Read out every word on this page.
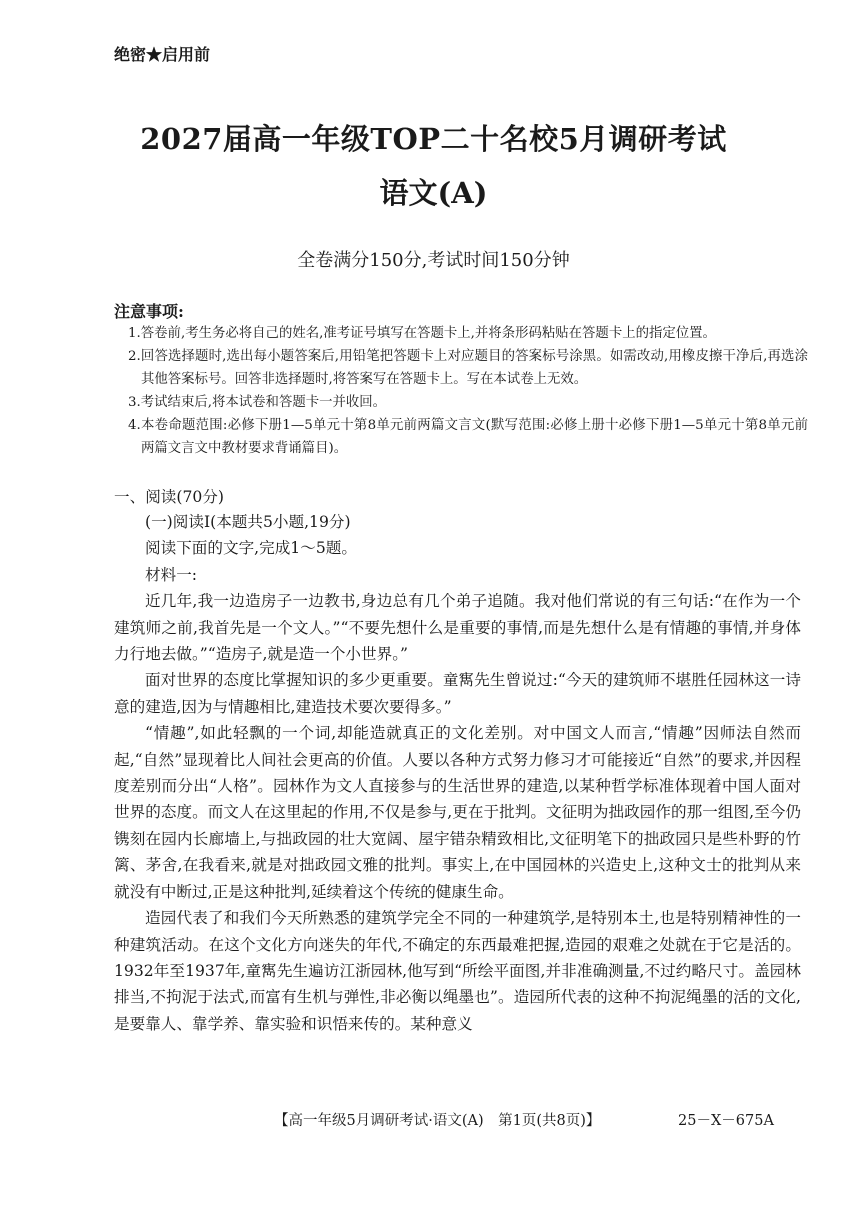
绝密★启用前
2027届高一年级TOP二十名校5月调研考试
语文(A)
全卷满分150分,考试时间150分钟
注意事项:
1.答卷前,考生务必将自己的姓名,准考证号填写在答题卡上,并将条形码粘贴在答题卡上的指定位置。
2.回答选择题时,选出每小题答案后,用铅笔把答题卡上对应题目的答案标号涂黑。如需改动,用橡皮擦干净后,再选涂其他答案标号。回答非选择题时,将答案写在答题卡上。写在本试卷上无效。
3.考试结束后,将本试卷和答题卡一并收回。
4.本卷命题范围:必修下册1—5单元十第8单元前两篇文言文(默写范围:必修上册十必修下册1—5单元十第8单元前两篇文言文中教材要求背诵篇目)。
一、阅读(70分)

(一)阅读Ⅰ(本题共5小题,19分)

阅读下面的文字,完成1～5题。

材料一:

近几年,我一边造房子一边教书,身边总有几个弟子追随。我对他们常说的有三句话:“在作为一个建筑师之前,我首先是一个文人。”“不要先想什么是重要的事情,而是先想什么是有情趣的事情,并身体力行地去做。”“造房子,就是造一个小世界。”

面对世界的态度比掌握知识的多少更重要。童寯先生曾说过:“今天的建筑师不堪胜任园林这一诗意的建造,因为与情趣相比,建造技术要次要得多。”

“情趣”,如此轻飘的一个词,却能造就真正的文化差别。对中国文人而言,“情趣”因师法自然而起,“自然”显现着比人间社会更高的价值。人要以各种方式努力修习才可能接近“自然”的要求,并因程度差别而分出“人格”。园林作为文人直接参与的生活世界的建造,以某种哲学标准体现着中国人面对世界的态度。而文人在这里起的作用,不仅是参与,更在于批判。文征明为拙政园作的那一组图,至今仍镌刻在园内长廊墙上,与拙政园的壮大宽阔、屋宇错杂精致相比,文征明笔下的拙政园只是些朴野的竹篱、茅舍,在我看来,就是对拙政园文雅的批判。事实上,在中国园林的兴造史上,这种文士的批判从来就没有中断过,正是这种批判,延续着这个传统的健康生命。

造园代表了和我们今天所熟悉的建筑学完全不同的一种建筑学,是特别本土,也是特别精神性的一种建筑活动。在这个文化方向迷失的年代,不确定的东西最难把握,造园的艰难之处就在于它是活的。1932年至1937年,童寯先生遍访江浙园林,他写到“所绘平面图,并非准确测量,不过约略尺寸。盖园林排当,不拘泥于法式,而富有生机与弹性,非必衡以绳墨也”。造园所代表的这种不拘泥绳墨的活的文化,是要靠人、靠学养、靠实验和识悟来传的。某种意义

【高一年级5月调研考试·语文(A)　第1页(共8页)】	25－X－675A
